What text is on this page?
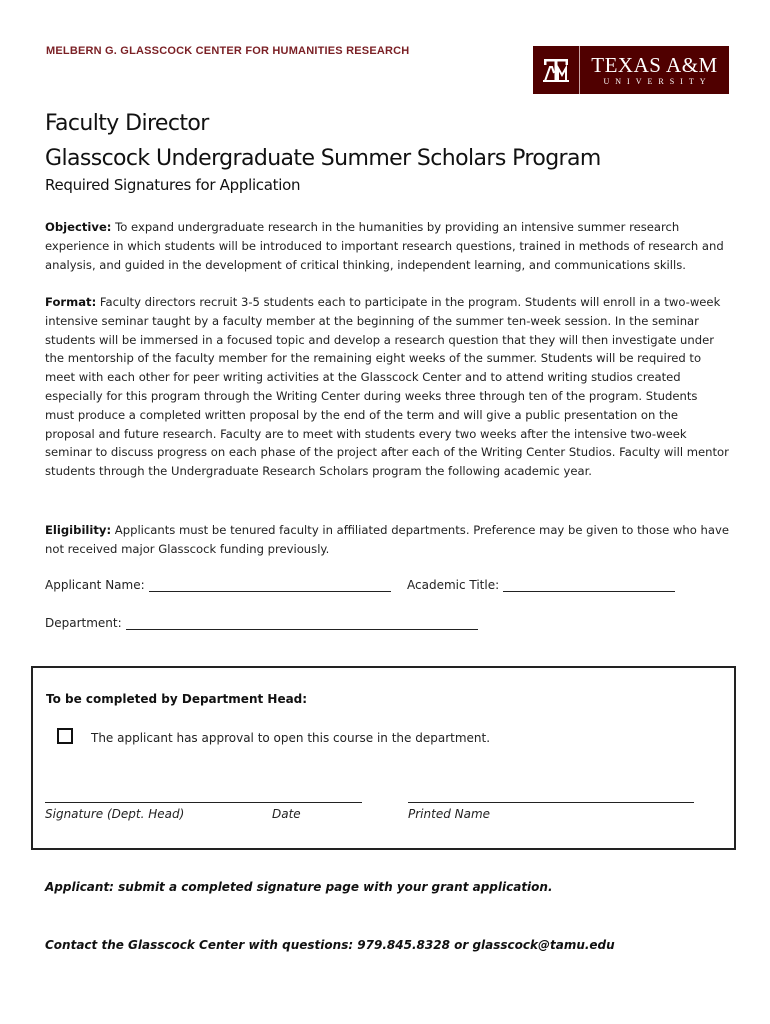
MELBERN G. GLASSCOCK CENTER FOR HUMANITIES RESEARCH
TEXAS A&M
UNIVERSITY
Faculty Director
Glasscock Undergraduate Summer Scholars Program
Required Signatures for Application
Objective: To expand undergraduate research in the humanities by providing an intensive summer research experience in which students will be introduced to important research questions, trained in methods of research and analysis, and guided in the development of critical thinking, independent learning, and communications skills.
Format: Faculty directors recruit 3-5 students each to participate in the program. Students will enroll in a two-week intensive seminar taught by a faculty member at the beginning of the summer ten-week session. In the seminar students will be immersed in a focused topic and develop a research question that they will then investigate under the mentorship of the faculty member for the remaining eight weeks of the summer. Students will be required to meet with each other for peer writing activities at the Glasscock Center and to attend writing studios created especially for this program through the Writing Center during weeks three through ten of the program. Students must produce a completed written proposal by the end of the term and will give a public presentation on the proposal and future research. Faculty are to meet with students every two weeks after the intensive two-week seminar to discuss progress on each phase of the project after each of the Writing Center Studios. Faculty will mentor students through the Undergraduate Research Scholars program the following academic year.
Eligibility: Applicants must be tenured faculty in affiliated departments. Preference may be given to those who have not received major Glasscock funding previously.
Applicant Name:	Academic Title:
Department:
To be completed by Department Head:
The applicant has approval to open this course in the department.
Signature (Dept. Head)	Date	Printed Name
Applicant: submit a completed signature page with your grant application.
Contact the Glasscock Center with questions: 979.845.8328 or glasscock@tamu.edu
